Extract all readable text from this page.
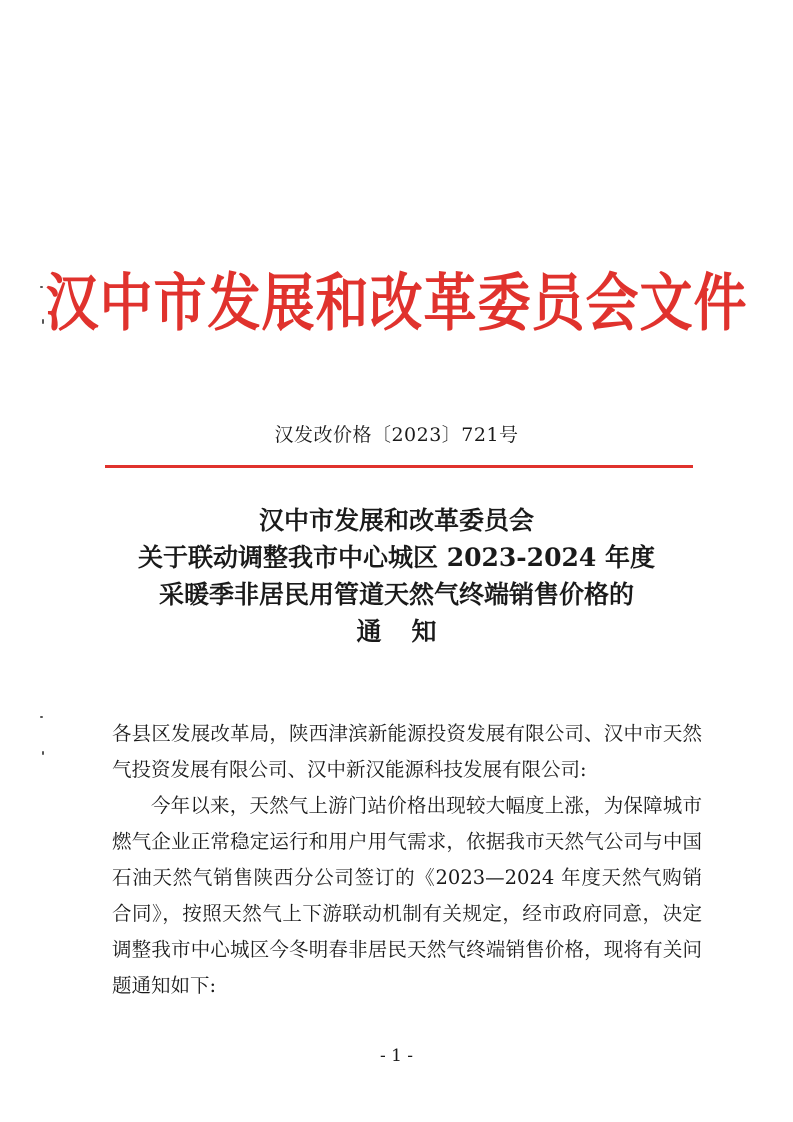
汉中市发展和改革委员会文件
汉发改价格〔2023〕721号
汉中市发展和改革委员会
关于联动调整我市中心城区 2023-2024 年度
采暖季非居民用管道天然气终端销售价格的
通知

各县区发展改革局，陕西津滨新能源投资发展有限公司、汉中市天然气投资发展有限公司、汉中新汉能源科技发展有限公司:

今年以来，天然气上游门站价格出现较大幅度上涨，为保障城市燃气企业正常稳定运行和用户用气需求，依据我市天然气公司与中国石油天然气销售陕西分公司签订的《2023—2024 年度天然气购销合同》，按照天然气上下游联动机制有关规定，经市政府同意，决定调整我市中心城区今冬明春非居民天然气终端销售价格，现将有关问题通知如下:

- 1 -
